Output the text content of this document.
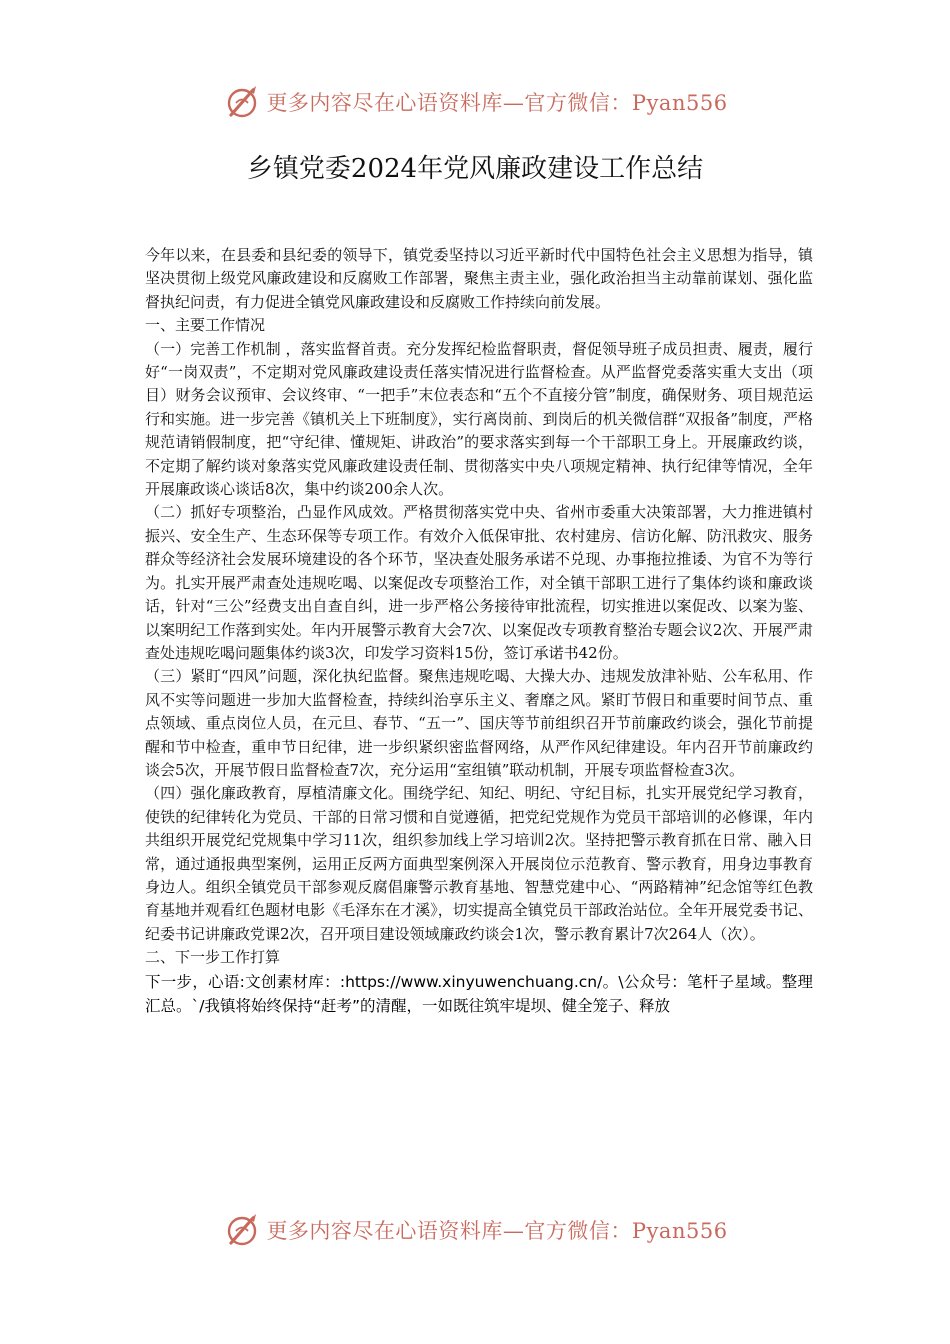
更多内容尽在心语资料库—官方微信：Pyan556
乡镇党委2024年党风廉政建设工作总结

今年以来，在县委和县纪委的领导下，镇党委坚持以习近平新时代中国特色社会主义思想为指导，镇坚决贯彻上级党风廉政建设和反腐败工作部署，聚焦主责主业，强化政治担当主动靠前谋划、强化监督执纪问责，有力促进全镇党风廉政建设和反腐败工作持续向前发展。

一、主要工作情况

（一）完善工作机制 ，落实监督首责。充分发挥纪检监督职责，督促领导班子成员担责、履责，履行好“一岗双责”，不定期对党风廉政建设责任落实情况进行监督检查。从严监督党委落实重大支出（项目）财务会议预审、会议终审、“一把手”末位表态和“五个不直接分管”制度，确保财务、项目规范运行和实施。进一步完善《镇机关上下班制度》，实行离岗前、到岗后的机关微信群“双报备”制度，严格规范请销假制度，把“守纪律、懂规矩、讲政治”的要求落实到每一个干部职工身上。开展廉政约谈，不定期了解约谈对象落实党风廉政建设责任制、贯彻落实中央八项规定精神、执行纪律等情况，全年开展廉政谈心谈话8次，集中约谈200余人次。

（二）抓好专项整治，凸显作风成效。严格贯彻落实党中央、省州市委重大决策部署，大力推进镇村振兴、安全生产、生态环保等专项工作。有效介入低保审批、农村建房、信访化解、防汛救灾、服务群众等经济社会发展环境建设的各个环节，坚决查处服务承诺不兑现、办事拖拉推诿、为官不为等行为。扎实开展严肃查处违规吃喝、以案促改专项整治工作，对全镇干部职工进行了集体约谈和廉政谈话，针对“三公”经费支出自查自纠，进一步严格公务接待审批流程，切实推进以案促改、以案为鉴、以案明纪工作落到实处。年内开展警示教育大会7次、以案促改专项教育整治专题会议2次、开展严肃查处违规吃喝问题集体约谈3次，印发学习资料15份，签订承诺书42份。

（三）紧盯“四风”问题，深化执纪监督。聚焦违规吃喝、大操大办、违规发放津补贴、公车私用、作风不实等问题进一步加大监督检查，持续纠治享乐主义、奢靡之风。紧盯节假日和重要时间节点、重点领域、重点岗位人员，在元旦、春节、“五一”、国庆等节前组织召开节前廉政约谈会，强化节前提醒和节中检查，重申节日纪律，进一步织紧织密监督网络，从严作风纪律建设。年内召开节前廉政约谈会5次，开展节假日监督检查7次，充分运用“室组镇”联动机制，开展专项监督检查3次。

（四）强化廉政教育，厚植清廉文化。围绕学纪、知纪、明纪、守纪目标，扎实开展党纪学习教育，使铁的纪律转化为党员、干部的日常习惯和自觉遵循，把党纪党规作为党员干部培训的必修课，年内共组织开展党纪党规集中学习11次，组织参加线上学习培训2次。坚持把警示教育抓在日常、融入日常，通过通报典型案例，运用正反两方面典型案例深入开展岗位示范教育、警示教育，用身边事教育身边人。组织全镇党员干部参观反腐倡廉警示教育基地、智慧党建中心、“两路精神”纪念馆等红色教育基地并观看红色题材电影《毛泽东在才溪》，切实提高全镇党员干部政治站位。全年开展党委书记、纪委书记讲廉政党课2次，召开项目建设领域廉政约谈会1次，警示教育累计7次264人（次）。

二、下一步工作打算

下一步，心语:文创素材库：:https://www.xinyuwenchuang.cn/。\公众号：笔杆子星域。整理汇总。`/我镇将始终保持“赶考”的清醒，一如既往筑牢堤坝、健全笼子、释放

更多内容尽在心语资料库—官方微信：Pyan556
